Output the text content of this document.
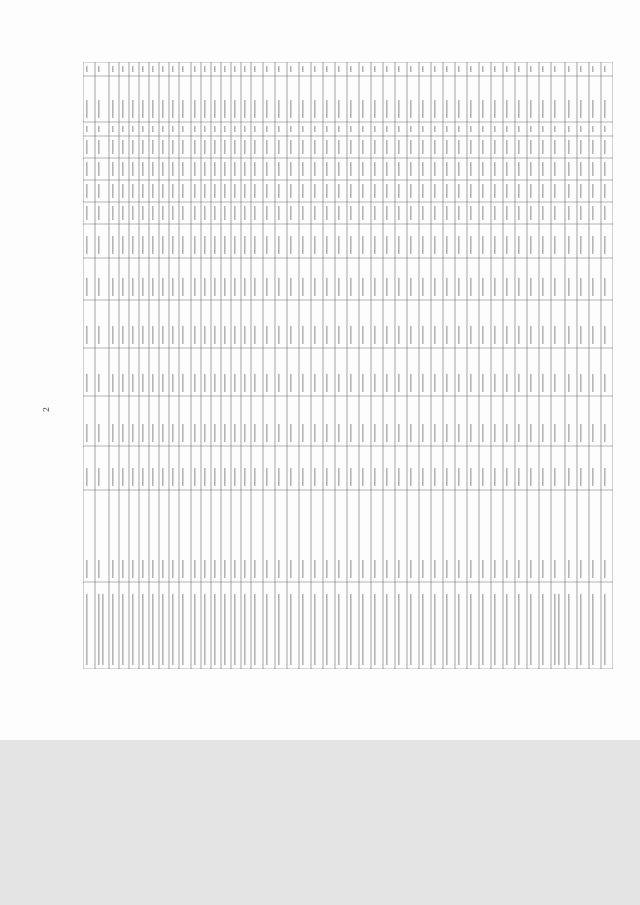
2
